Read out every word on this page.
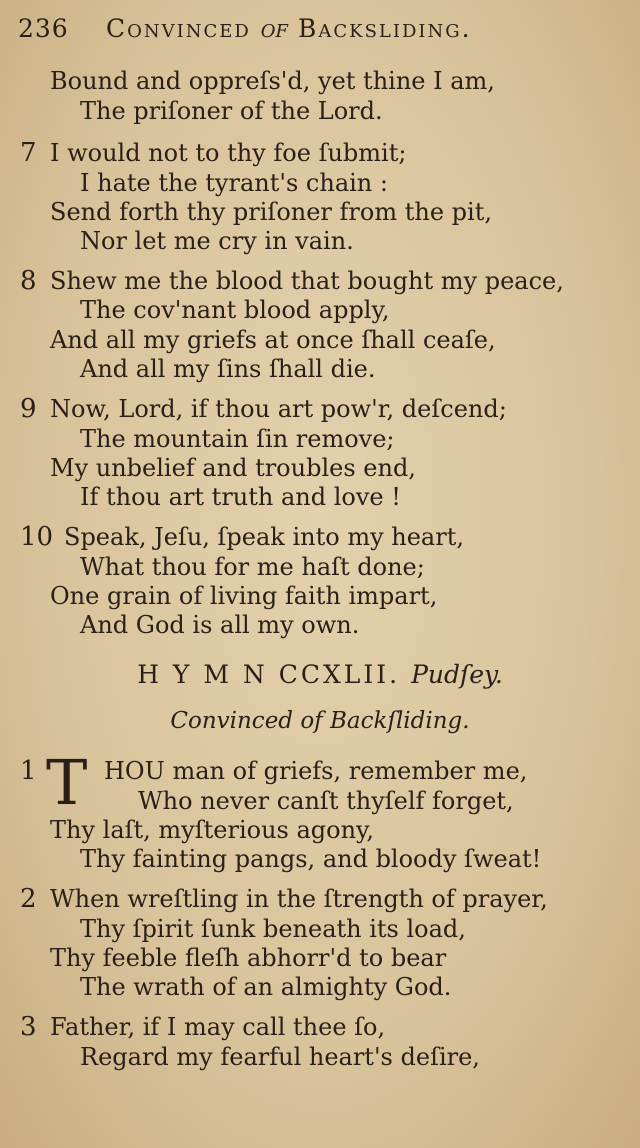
236 Convinced of Backsliding.
Bound and oppreſs'd, yet thine I am,
The priſoner of the Lord.
7 I would not to thy foe ſubmit;
I hate the tyrant's chain :
Send forth thy priſoner from the pit,
Nor let me cry in vain.
8 Shew me the blood that bought my peace,
The cov'nant blood apply,
And all my griefs at once ſhall ceaſe,
And all my ſins ſhall die.
9 Now, Lord, if thou art pow'r, deſcend;
The mountain ſin remove;
My unbelief and troubles end,
If thou art truth and love !
10 Speak, Jeſu, ſpeak into my heart,
What thou for me haſt done;
One grain of living faith impart,
And God is all my own.
H Y M N CCXLII. Pudſey.
Convinced of Backſliding.
1 T HOU man of griefs, remember me,
Who never canſt thyſelf forget,
Thy laſt, myſterious agony,
Thy fainting pangs, and bloody ſweat!
2 When wreſtling in the ſtrength of prayer,
Thy ſpirit ſunk beneath its load,
Thy feeble fleſh abhorr'd to bear
The wrath of an almighty God.
3 Father, if I may call thee ſo,
Regard my fearful heart's deſire,
